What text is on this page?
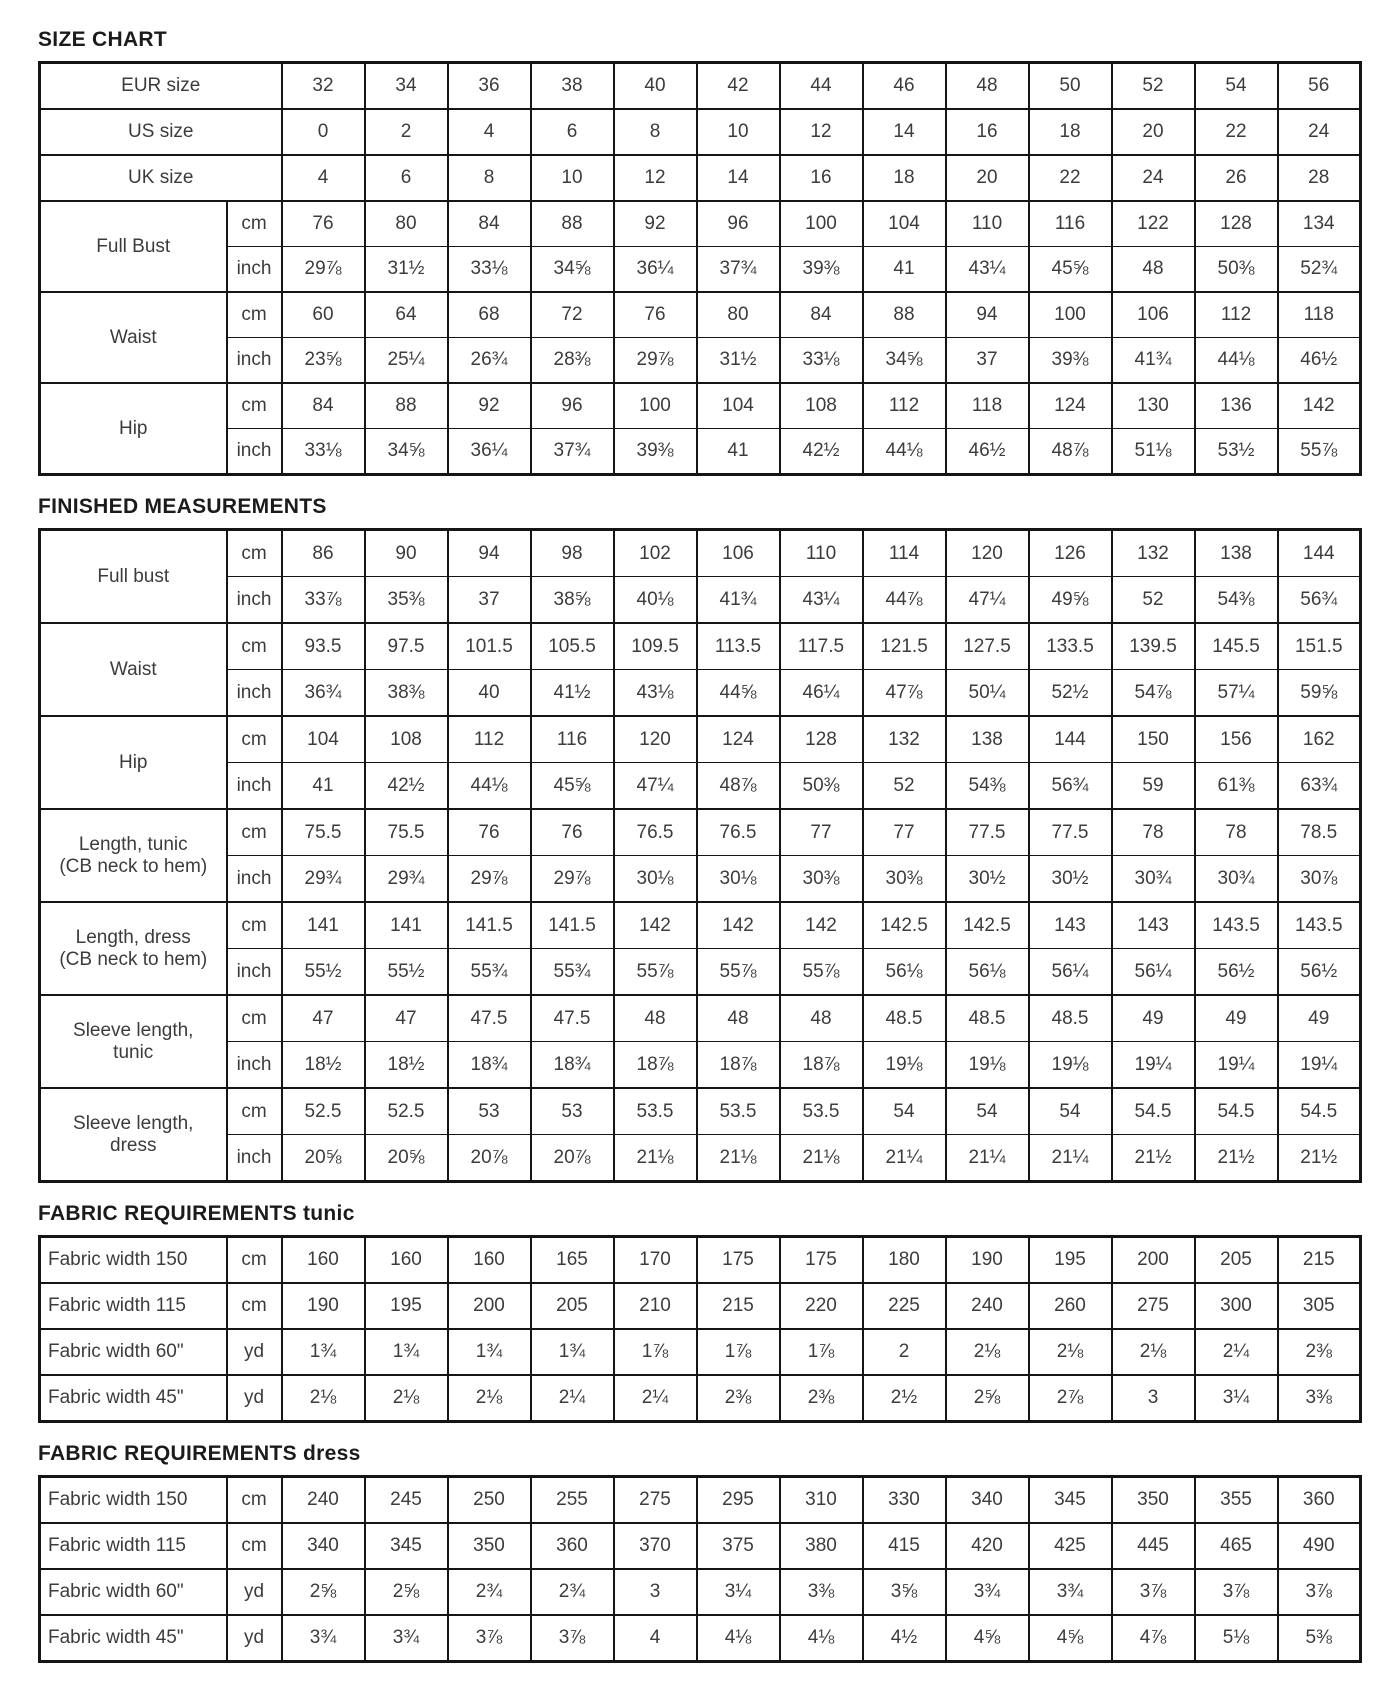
SIZE CHART
EUR size		32	34	36	38	40	42	44	46	48	50	52	54	56
US size		0	2	4	6	8	10	12	14	16	18	20	22	24
UK size		4	6	8	10	12	14	16	18	20	22	24	26	28
Full Bust	cm	76	80	84	88	92	96	100	104	110	116	122	128	134
	inch	29⅞	31½	33⅛	34⅝	36¼	37¾	39⅜	41	43¼	45⅝	48	50⅜	52¾
Waist	cm	60	64	68	72	76	80	84	88	94	100	106	112	118
	inch	23⅝	25¼	26¾	28⅜	29⅞	31½	33⅛	34⅝	37	39⅜	41¾	44⅛	46½
Hip	cm	84	88	92	96	100	104	108	112	118	124	130	136	142
	inch	33⅛	34⅝	36¼	37¾	39⅜	41	42½	44⅛	46½	48⅞	51⅛	53½	55⅞
FINISHED MEASUREMENTS
Full bust	cm	86	90	94	98	102	106	110	114	120	126	132	138	144
	inch	33⅞	35⅜	37	38⅝	40⅛	41¾	43¼	44⅞	47¼	49⅝	52	54⅜	56¾
Waist	cm	93.5	97.5	101.5	105.5	109.5	113.5	117.5	121.5	127.5	133.5	139.5	145.5	151.5
	inch	36¾	38⅜	40	41½	43⅛	44⅝	46¼	47⅞	50¼	52½	54⅞	57¼	59⅝
Hip	cm	104	108	112	116	120	124	128	132	138	144	150	156	162
	inch	41	42½	44⅛	45⅝	47¼	48⅞	50⅜	52	54⅜	56¾	59	61⅜	63¾
Length, tunic
(CB neck to hem)	cm	75.5	75.5	76	76	76.5	76.5	77	77	77.5	77.5	78	78	78.5
	inch	29¾	29¾	29⅞	29⅞	30⅛	30⅛	30⅜	30⅜	30½	30½	30¾	30¾	30⅞
Length, dress
(CB neck to hem)	cm	141	141	141.5	141.5	142	142	142	142.5	142.5	143	143	143.5	143.5
	inch	55½	55½	55¾	55¾	55⅞	55⅞	55⅞	56⅛	56⅛	56¼	56¼	56½	56½
Sleeve length,
tunic	cm	47	47	47.5	47.5	48	48	48	48.5	48.5	48.5	49	49	49
	inch	18½	18½	18¾	18¾	18⅞	18⅞	18⅞	19⅛	19⅛	19⅛	19¼	19¼	19¼
Sleeve length,
dress	cm	52.5	52.5	53	53	53.5	53.5	53.5	54	54	54	54.5	54.5	54.5
	inch	20⅝	20⅝	20⅞	20⅞	21⅛	21⅛	21⅛	21¼	21¼	21¼	21½	21½	21½
FABRIC REQUIREMENTS tunic
Fabric width 150	cm	160	160	160	165	170	175	175	180	190	195	200	205	215
Fabric width 115	cm	190	195	200	205	210	215	220	225	240	260	275	300	305
Fabric width 60"	yd	1¾	1¾	1¾	1¾	1⅞	1⅞	1⅞	2	2⅛	2⅛	2⅛	2¼	2⅜
Fabric width 45"	yd	2⅛	2⅛	2⅛	2¼	2¼	2⅜	2⅜	2½	2⅝	2⅞	3	3¼	3⅜
FABRIC REQUIREMENTS dress
Fabric width 150	cm	240	245	250	255	275	295	310	330	340	345	350	355	360
Fabric width 115	cm	340	345	350	360	370	375	380	415	420	425	445	465	490
Fabric width 60"	yd	2⅝	2⅝	2¾	2¾	3	3¼	3⅜	3⅝	3¾	3¾	3⅞	3⅞	3⅞
Fabric width 45"	yd	3¾	3¾	3⅞	3⅞	4	4⅛	4⅛	4½	4⅝	4⅝	4⅞	5⅛	5⅜
